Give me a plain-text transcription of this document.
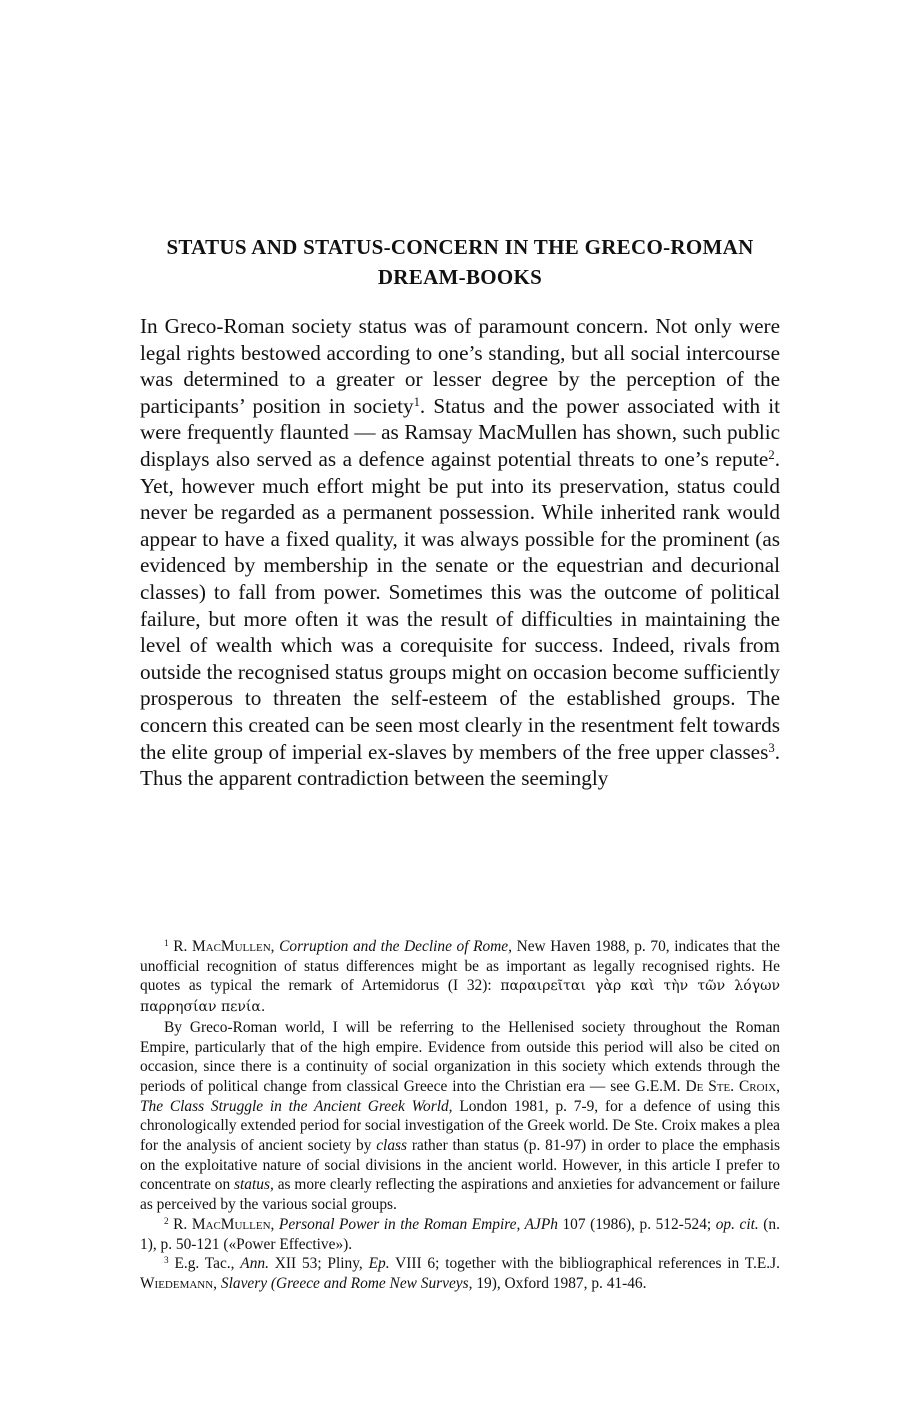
STATUS AND STATUS-CONCERN IN THE GRECO-ROMAN
DREAM-BOOKS

In Greco-Roman society status was of paramount concern. Not only were legal rights bestowed according to one’s standing, but all social intercourse was determined to a greater or lesser degree by the perception of the participants’ position in society$^1$. Status and the power associated with it were frequently flaunted — as Ramsay MacMullen has shown, such public displays also served as a defence against potential threats to one’s repute$^2$. Yet, however much effort might be put into its preservation, status could never be regarded as a permanent possession. While inherited rank would appear to have a fixed quality, it was always possible for the prominent (as evidenced by membership in the senate or the equestrian and decurional classes) to fall from power. Sometimes this was the outcome of political failure, but more often it was the result of difficulties in maintaining the level of wealth which was a corequisite for success. Indeed, rivals from outside the recognised status groups might on occasion become sufficiently prosperous to threaten the self-esteem of the established groups. The concern this created can be seen most clearly in the resentment felt towards the elite group of imperial ex-slaves by members of the free upper classes$^3$. Thus the apparent contradiction between the seemingly

$^1$ R. MacMullen, Corruption and the Decline of Rome, New Haven 1988, p. 70, indicates that the unofficial recognition of status differences might be as important as legally recognised rights. He quotes as typical the remark of Artemidorus (I 32): παραιρεῖται γὰρ καὶ τὴν τῶν λόγων παρρησίαν πενία.

By Greco-Roman world, I will be referring to the Hellenised society throughout the Roman Empire, particularly that of the high empire. Evidence from outside this period will also be cited on occasion, since there is a continuity of social organization in this society which extends through the periods of political change from classical Greece into the Christian era — see G.E.M. De Ste. Croix, The Class Struggle in the Ancient Greek World, London 1981, p. 7-9, for a defence of using this chronologically extended period for social investigation of the Greek world. De Ste. Croix makes a plea for the analysis of ancient society by class rather than status (p. 81-97) in order to place the emphasis on the exploitative nature of social divisions in the ancient world. However, in this article I prefer to concentrate on status, as more clearly reflecting the aspirations and anxieties for advancement or failure as perceived by the various social groups.

$^2$ R. MacMullen, Personal Power in the Roman Empire, AJPh 107 (1986), p. 512-524; op. cit. (n. 1), p. 50-121 («Power Effective»).

$^3$ E.g. Tac., Ann. XII 53; Pliny, Ep. VIII 6; together with the bibliographical references in T.E.J. Wiedemann, Slavery (Greece and Rome New Surveys, 19), Oxford 1987, p. 41-46.
